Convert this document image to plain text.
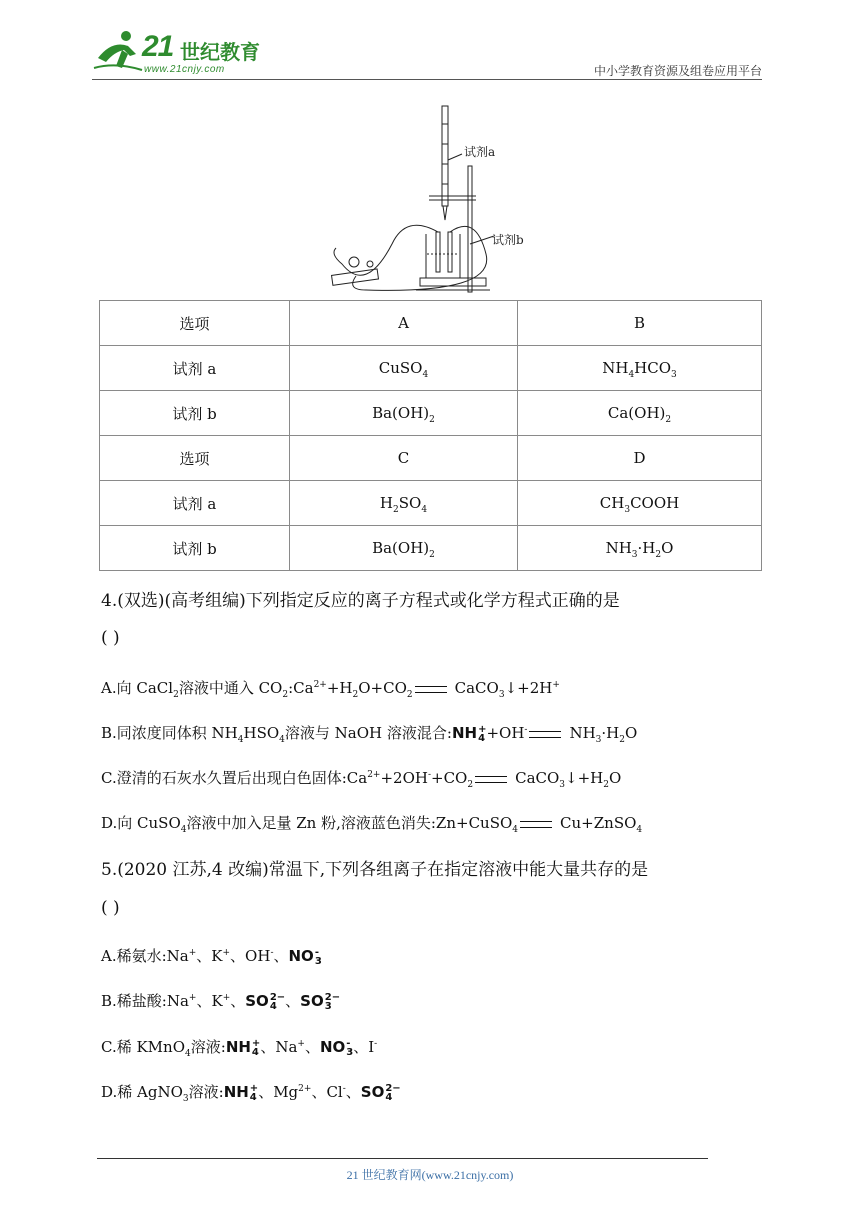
21 世纪教育
www.21cnjy.com	中小学教育资源及组卷应用平台
试剂a
试剂b
选项	A	B
试剂 a	CuSO$_4$	$NH_4HCO_3$
试剂 b	$Ba(OH)_2$	$Ca(OH)_2$
选项	C	D
试剂 a	$H_2SO_4$	$CH_3COOH$
试剂 b	$Ba(OH)_2$	$NH_3\cdot H_2O$
4.(双选)(高考组编)下列指定反应的离子方程式或化学方程式正确的是
( )
A.向 CaCl$_2$溶液中通入 $CO_2:Ca^{2+}+H_2O+CO_2$	CaCO$_3$↓+2H+
B.同浓度同体积 $NH_4HSO_4$溶液与 NaOH 溶液混合:NH +
4 +OH-	$NH_3\cdot H_2O$
C.澄清的石灰水久置后出现白色固体$:Ca^{2+}+2OH^-+CO_2$	$CaCO_3↓+H_2O$
D.向 CuSO$_4$溶液中加入足量 Zn 粉,溶液蓝色消失:Zn+CuSO$_4$	Cu+ZnSO$_4$
5.(2020 江苏,4 改编)常温下,下列各组离子在指定溶液中能大量共存的是
( )
A.稀氨水:Na+、K+、OH-、NO -
3
B.稀盐酸:Na+、K+、SO 2−
4 、SO 2−
3
C.稀 KMnO$_4$溶液:NH +
4 、Na+、NO -
3 、I-
D.稀 AgNO$_3$溶液:NH +
4 、$Mg^{2+}$、Cl-、SO 2−
4
21 世纪教育网(www.21cnjy.com)
